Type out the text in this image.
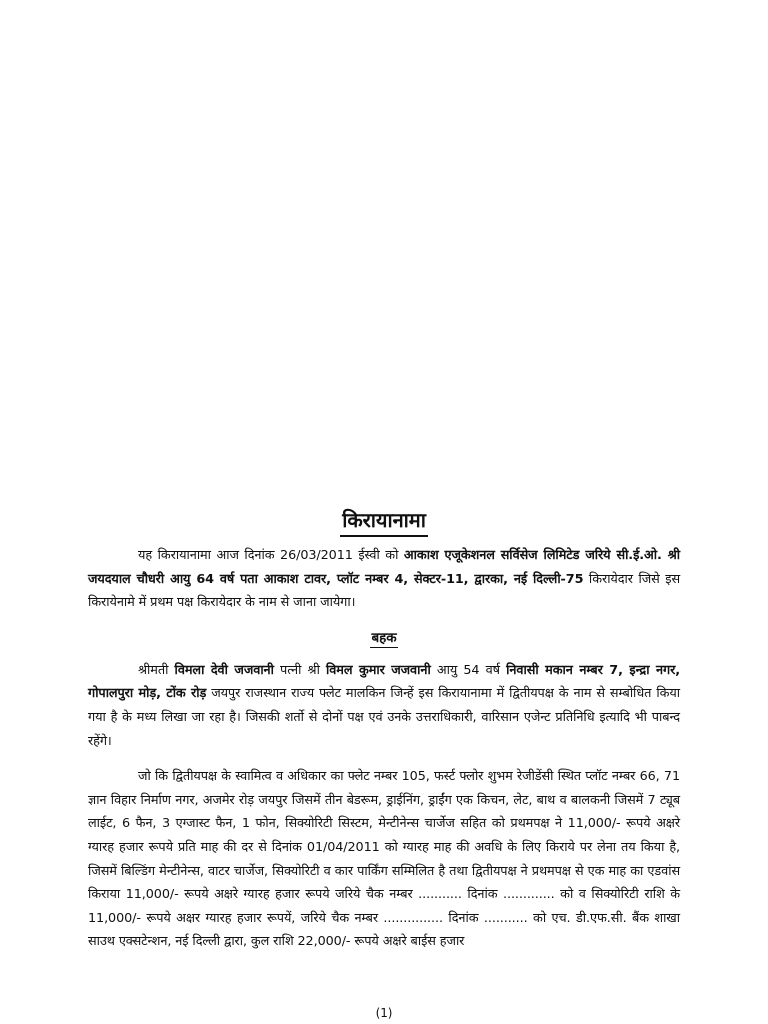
किरायानामा

यह किरायानामा आज दिनांक 26/03/2011 ईस्वी को आकाश एजूकेशनल सर्विसेज लिमिटेड जरिये सी.ई.ओ. श्री जयदयाल चौधरी आयु 64 वर्ष पता आकाश टावर, प्लॉट नम्बर 4, सेक्टर-11, द्वारका, नई दिल्ली-75 किरायेदार जिसे इस किरायेनामे में प्रथम पक्ष किरायेदार के नाम से जाना जायेगा।

बहक

श्रीमती विमला देवी जजवानी पत्नी श्री विमल कुमार जजवानी आयु 54 वर्ष निवासी मकान नम्बर 7, इन्द्रा नगर, गोपालपुरा मोड़, टोंक रोड़ जयपुर राजस्थान राज्य फ्लेट मालकिन जिन्हें इस किरायानामा में द्वितीयपक्ष के नाम से सम्बोधित किया गया है के मध्य लिखा जा रहा है। जिसकी शर्तो से दोनों पक्ष एवं उनके उत्तराधिकारी, वारिसान एजेन्ट प्रतिनिधि इत्यादि भी पाबन्द रहेंगे।

जो कि द्वितीयपक्ष के स्वामित्व व अधिकार का फ्लेट नम्बर 105, फर्स्ट फ्लोर शुभम रेजीडेंसी स्थित प्लॉट नम्बर 66, 71 ज्ञान विहार निर्माण नगर, अजमेर रोड़ जयपुर जिसमें तीन बेडरूम, ड्राईनिंग, ड्राईंग एक किचन, लेट, बाथ व बालकनी जिसमें 7 ट्यूब लाईट, 6 फैन, 3 एग्जास्ट फैन, 1 फोन, सिक्योरिटी सिस्टम, मेन्टीनेन्स चार्जेज सहित को प्रथमपक्ष ने 11,000/- रूपये अक्षरे ग्यारह हजार रूपये प्रति माह की दर से दिनांक 01/04/2011 को ग्यारह माह की अवधि के लिए किराये पर लेना तय किया है, जिसमें बिल्डिंग मेन्टीनेन्स, वाटर चार्जेज, सिक्योरिटी व कार पार्किंग सम्मिलित है तथा द्वितीयपक्ष ने प्रथमपक्ष से एक माह का एडवांस किराया 11,000/- रूपये अक्षरे ग्यारह हजार रूपये जरिये चैक नम्बर ........... दिनांक ............. को व सिक्योरिटी राशि के 11,000/- रूपये अक्षर ग्यारह हजार रूपयें, जरिये चैक नम्बर ............... दिनांक ........... को एच. डी.एफ.सी. बैंक शाखा साउथ एक्सटेन्शन, नई दिल्ली द्वारा, कुल राशि 22,000/- रूपये अक्षरे बाईस हजार

(1)
